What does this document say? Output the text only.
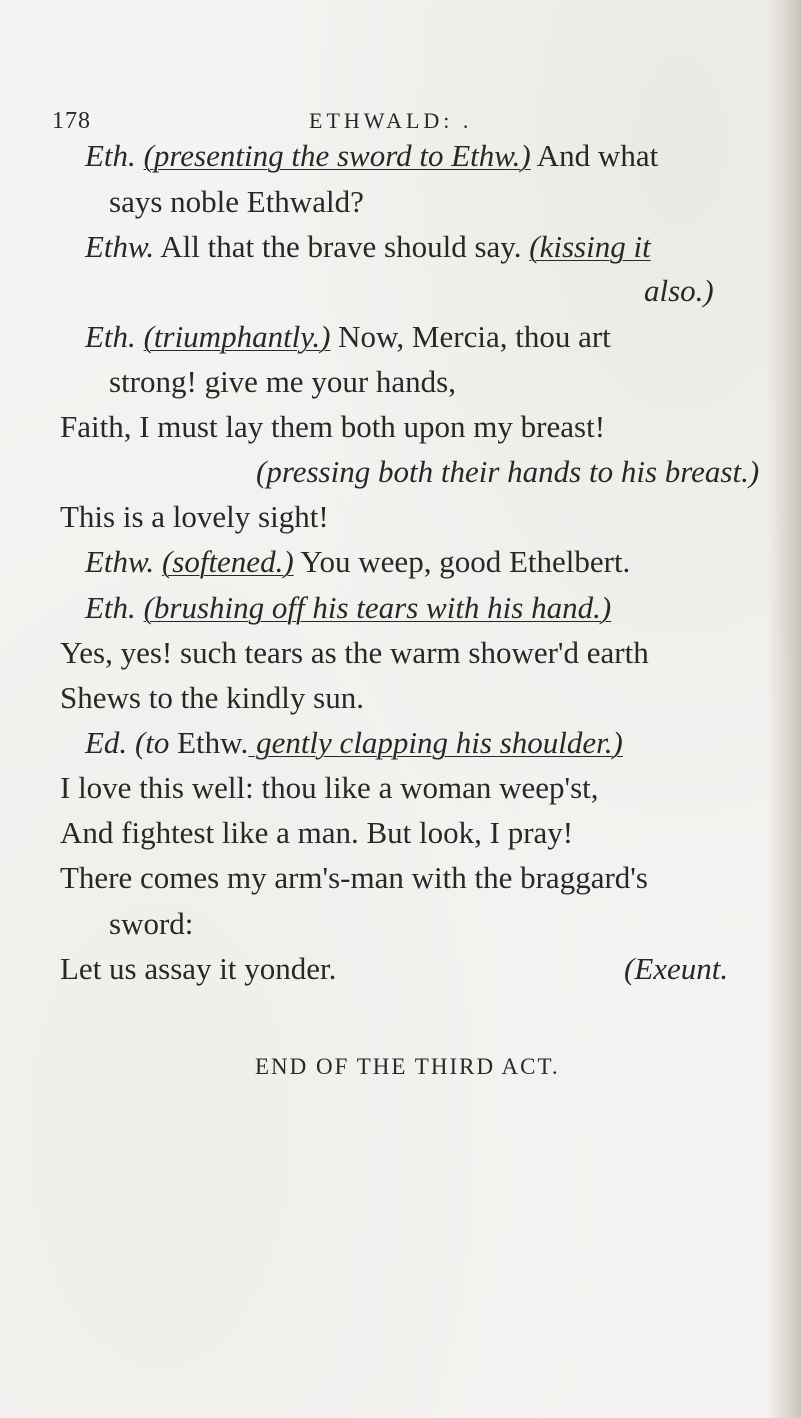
178	ETHWALD: .
Eth. (presenting the sword to Ethw.) And what
says noble Ethwald?
Ethw. All that the brave should say. (kissing it
also.)
Eth. (triumphantly.) Now, Mercia, thou art
strong! give me your hands,
Faith, I must lay them both upon my breast!
(pressing both their hands to his breast.)
This is a lovely sight!
Ethw. (softened.) You weep, good Ethelbert.
Eth. (brushing off his tears with his hand.)
Yes, yes! such tears as the warm shower'd earth
Shews to the kindly sun.
Ed. (to Ethw. gently clapping his shoulder.)
I love this well: thou like a woman weep'st,
And fightest like a man. But look, I pray!
There comes my arm's-man with the braggard's
sword:
Let us assay it yonder.	(Exeunt.
END OF THE THIRD ACT.
